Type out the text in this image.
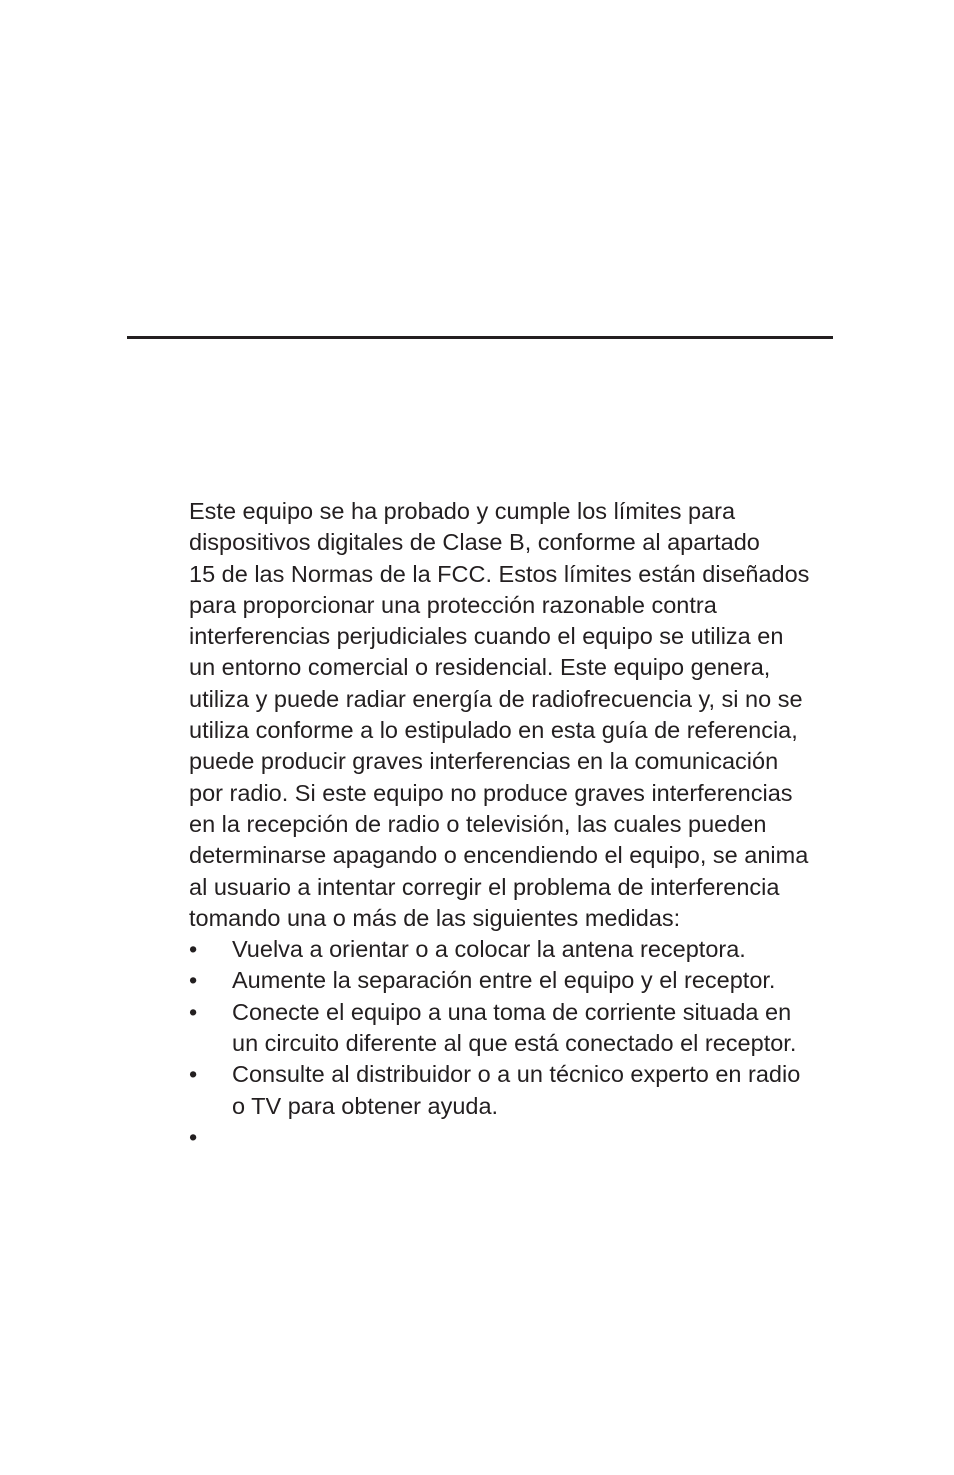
Este equipo se ha probado y cumple los límites para
dispositivos digitales de Clase B, conforme al apartado
15 de las Normas de la FCC. Estos límites están diseñados
para proporcionar una protección razonable contra
interferencias perjudiciales cuando el equipo se utiliza en
un entorno comercial o residencial. Este equipo genera,
utiliza y puede radiar energía de radiofrecuencia y, si no se
utiliza conforme a lo estipulado en esta guía de referencia,
puede producir graves interferencias en la comunicación
por radio. Si este equipo no produce graves interferencias
en la recepción de radio o televisión, las cuales pueden
determinarse apagando o encendiendo el equipo, se anima
al usuario a intentar corregir el problema de interferencia
tomando una o más de las siguientes medidas:
•	Vuelva a orientar o a colocar la antena receptora.
•	Aumente la separación entre el equipo y el receptor.
•	Conecte el equipo a una toma de corriente situada en
un circuito diferente al que está conectado el receptor.
•	Consulte al distribuidor o a un técnico experto en radio
o TV para obtener ayuda.
•
